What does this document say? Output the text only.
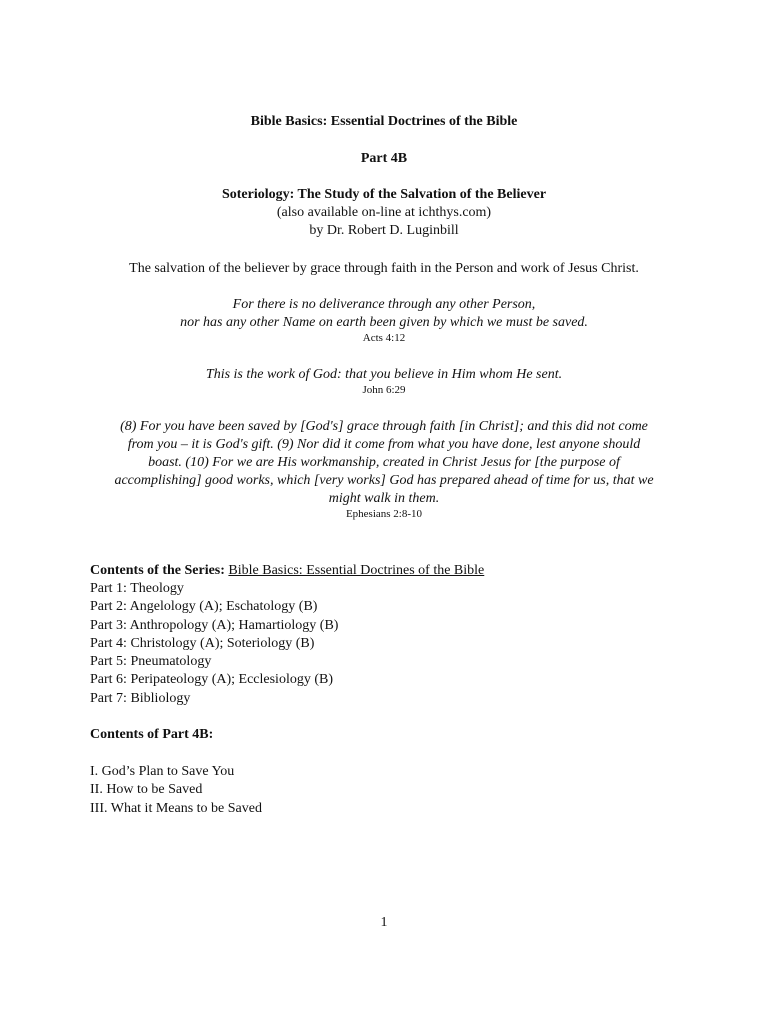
Bible Basics: Essential Doctrines of the Bible
Part 4B
Soteriology: The Study of the Salvation of the Believer
(also available on-line at ichthys.com)
by Dr. Robert D. Luginbill
The salvation of the believer by grace through faith in the Person and work of Jesus Christ.
For there is no deliverance through any other Person,
nor has any other Name on earth been given by which we must be saved.
Acts 4:12
This is the work of God: that you believe in Him whom He sent.
John 6:29
(8) For you have been saved by [God's] grace through faith [in Christ]; and this did not come
from you – it is God's gift. (9) Nor did it come from what you have done, lest anyone should
boast. (10) For we are His workmanship, created in Christ Jesus for [the purpose of
accomplishing] good works, which [very works] God has prepared ahead of time for us, that we
might walk in them.
Ephesians 2:8-10
Contents of the Series: Bible Basics: Essential Doctrines of the Bible
Part 1: Theology
Part 2: Angelology (A); Eschatology (B)
Part 3: Anthropology (A); Hamartiology (B)
Part 4: Christology (A); Soteriology (B)
Part 5: Pneumatology
Part 6: Peripateology (A); Ecclesiology (B)
Part 7: Bibliology
Contents of Part 4B:
I. God’s Plan to Save You
II. How to be Saved
III. What it Means to be Saved
1
